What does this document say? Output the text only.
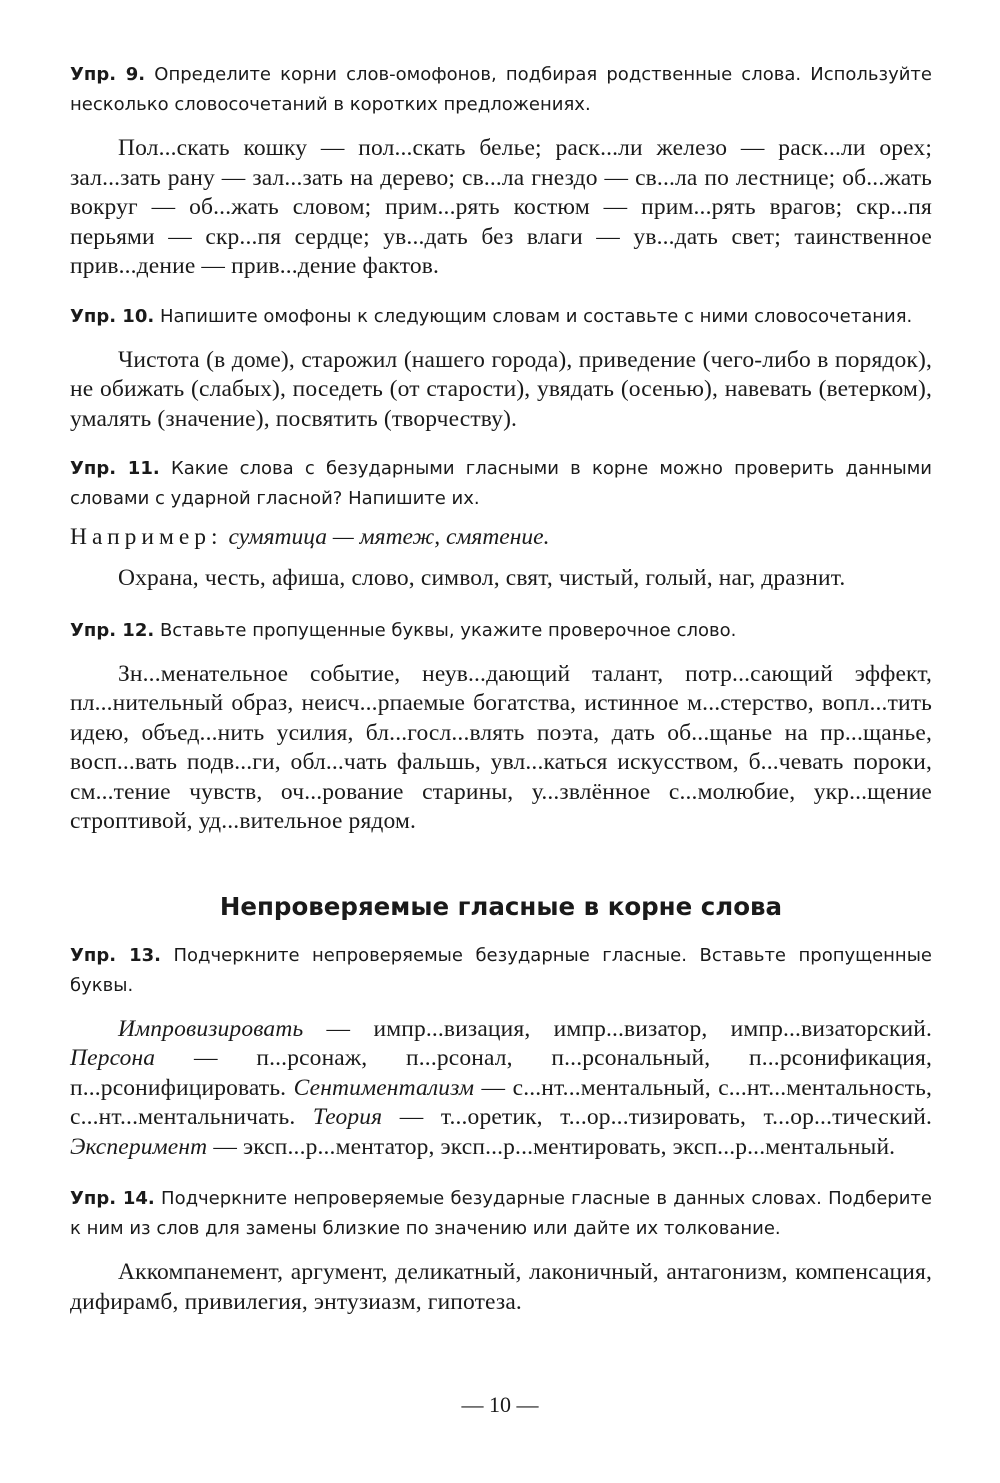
Упр. 9. Определите корни слов-омофонов, подбирая родственные слова. Используйте несколько словосочетаний в коротких предложениях.

Пол...скать кошку — пол...скать белье; раск...ли железо — раск...ли орех; зал...зать рану — зал...зать на дерево; св...ла гнездо — св...ла по лестнице; об...жать вокруг — об...жать словом; прим...рять костюм — прим...рять врагов; скр...пя перьями — скр...пя сердце; ув...дать без влаги — ув...дать свет; таинственное прив...дение — прив...дение фактов.

Упр. 10. Напишите омофоны к следующим словам и составьте с ними словосочетания.

Чистота (в доме), старожил (нашего города), приведение (чего-либо в порядок), не обижать (слабых), поседеть (от старости), увядать (осенью), навевать (ветерком), умалять (значение), посвятить (творчеству).

Упр. 11. Какие слова с безударными гласными в корне можно проверить данными словами с ударной гласной? Напишите их.

Например: сумятица — мятеж, смятение.

Охрана, честь, афиша, слово, символ, свят, чистый, голый, наг, дразнит.

Упр. 12. Вставьте пропущенные буквы, укажите проверочное слово.

Зн...менательное событие, неув...дающий талант, потр...сающий эффект, пл...нительный образ, неисч...рпаемые богатства, истинное м...стерство, вопл...тить идею, объед...нить усилия, бл...госл...влять поэта, дать об...щанье на пр...щанье, восп...вать подв...ги, обл...чать фальшь, увл...каться искусством, б...чевать пороки, см...тение чувств, оч...рование старины, у...звлённое с...молюбие, укр...щение строптивой, уд...вительное рядом.

Непроверяемые гласные в корне слова

Упр. 13. Подчеркните непроверяемые безударные гласные. Вставьте пропущенные буквы.

Импровизировать — импр...визация, импр...визатор, импр...визаторский. Персона — п...рсонаж, п...рсонал, п...рсональный, п...рсонификация, п...рсонифицировать. Сентиментализм — с...нт...ментальный, с...нт...ментальность, с...нт...ментальничать. Теория — т...оретик, т...ор...тизировать, т...ор...тический. Эксперимент — эксп...р...ментатор, эксп...р...ментировать, эксп...р...ментальный.

Упр. 14. Подчеркните непроверяемые безударные гласные в данных словах. Подберите к ним из слов для замены близкие по значению или дайте их толкование.

Аккомпанемент, аргумент, деликатный, лаконичный, антагонизм, компенсация, дифирамб, привилегия, энтузиазм, гипотеза.

— 10 —
